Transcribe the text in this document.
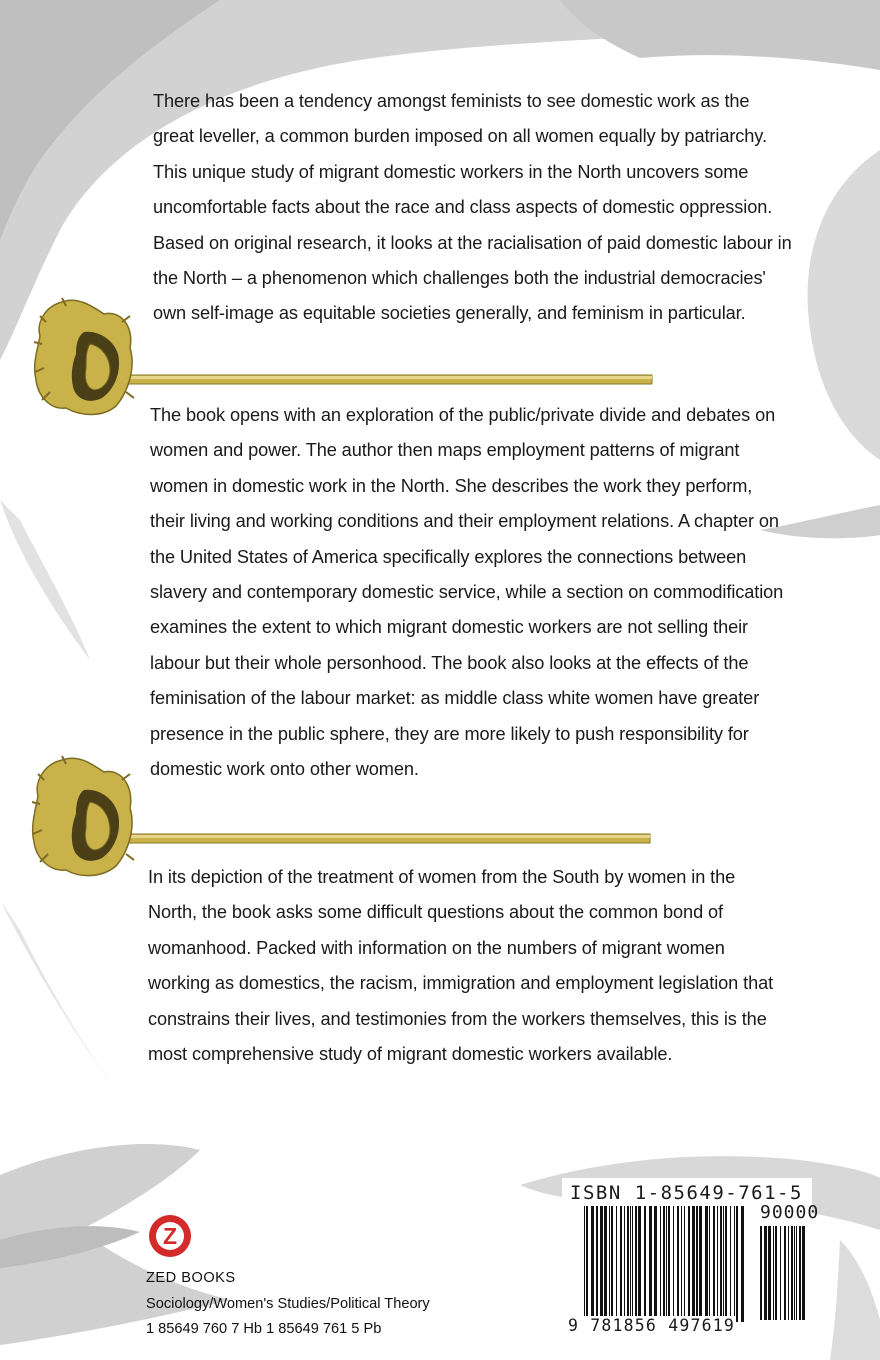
There has been a tendency amongst feminists to see domestic work as the great leveller, a common burden imposed on all women equally by patriarchy. This unique study of migrant domestic workers in the North uncovers some uncomfortable facts about the race and class aspects of domestic oppression. Based on original research, it looks at the racialisation of paid domestic labour in the North – a phenomenon which challenges both the industrial democracies' own self-image as equitable societies generally, and feminism in particular.

The book opens with an exploration of the public/private divide and debates on women and power. The author then maps employment patterns of migrant women in domestic work in the North. She describes the work they perform, their living and working conditions and their employment relations. A chapter on the United States of America specifically explores the connections between slavery and contemporary domestic service, while a section on commodification examines the extent to which migrant domestic workers are not selling their labour but their whole personhood. The book also looks at the effects of the feminisation of the labour market: as middle class white women have greater presence in the public sphere, they are more likely to push responsibility for domestic work onto other women.

In its depiction of the treatment of women from the South by women in the North, the book asks some difficult questions about the common bond of womanhood. Packed with information on the numbers of migrant women working as domestics, the racism, immigration and employment legislation that constrains their lives, and testimonies from the workers themselves, this is the most comprehensive study of migrant domestic workers available.

Z

ZED BOOKS

Sociology/Women's Studies/Political Theory

1 85649 760 7 Hb 1 85649 761 5 Pb

ISBN 1-85649-761-5

90000

9 781856 497619
